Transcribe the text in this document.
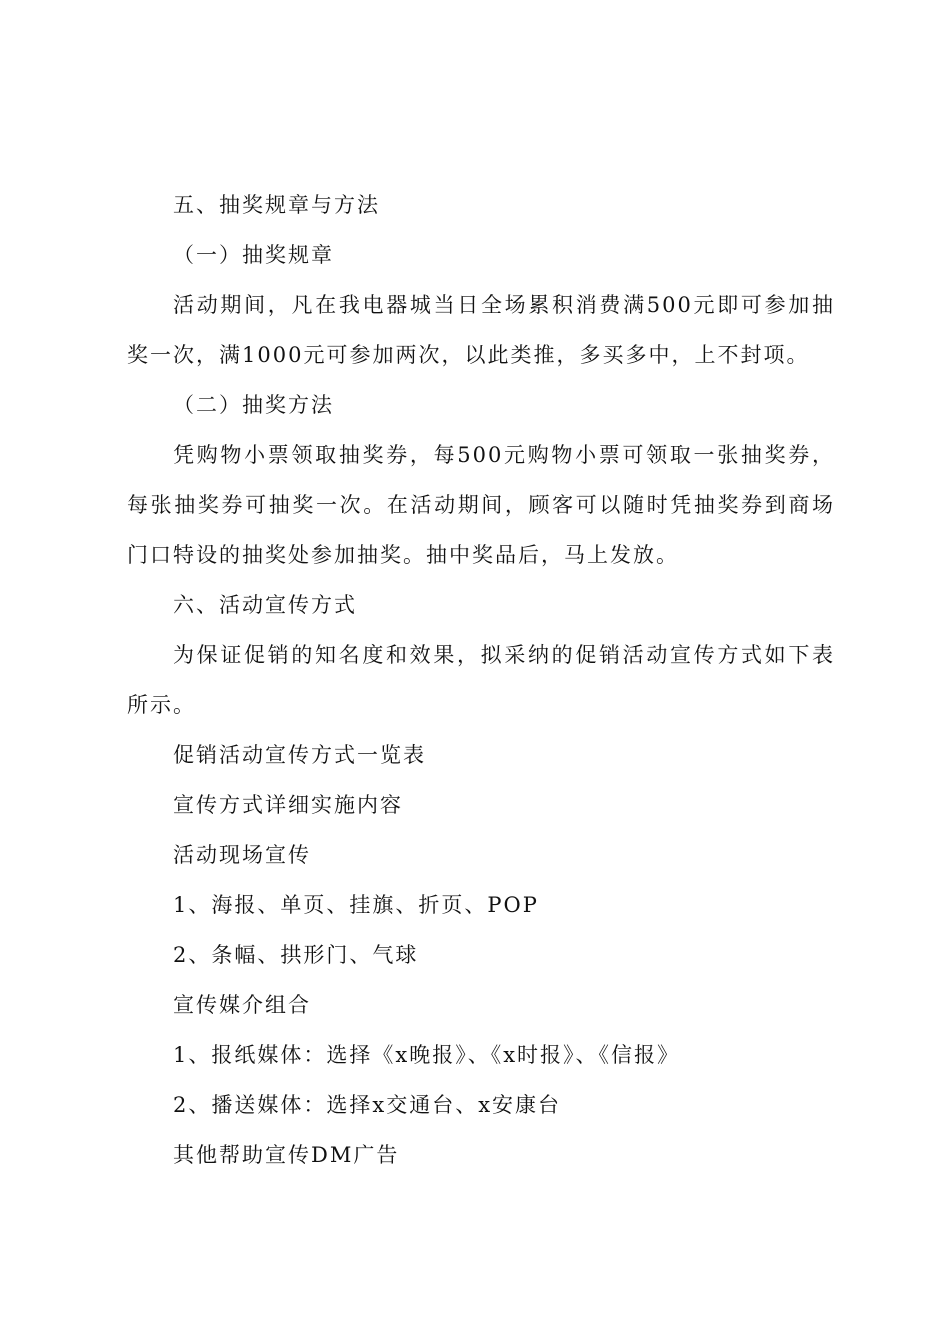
五、抽奖规章与方法

（一）抽奖规章

活动期间，凡在我电器城当日全场累积消费满500元即可参加抽奖一次，满1000元可参加两次，以此类推，多买多中，上不封项。

（二）抽奖方法

凭购物小票领取抽奖券，每500元购物小票可领取一张抽奖券，每张抽奖券可抽奖一次。在活动期间，顾客可以随时凭抽奖券到商场门口特设的抽奖处参加抽奖。抽中奖品后，马上发放。

六、活动宣传方式

为保证促销的知名度和效果，拟采纳的促销活动宣传方式如下表所示。

促销活动宣传方式一览表

宣传方式详细实施内容

活动现场宣传

1、海报、单页、挂旗、折页、POP

2、条幅、拱形门、气球

宣传媒介组合

1、报纸媒体：选择《x晚报》、《x时报》、《信报》

2、播送媒体：选择x交通台、x安康台

其他帮助宣传DM广告
